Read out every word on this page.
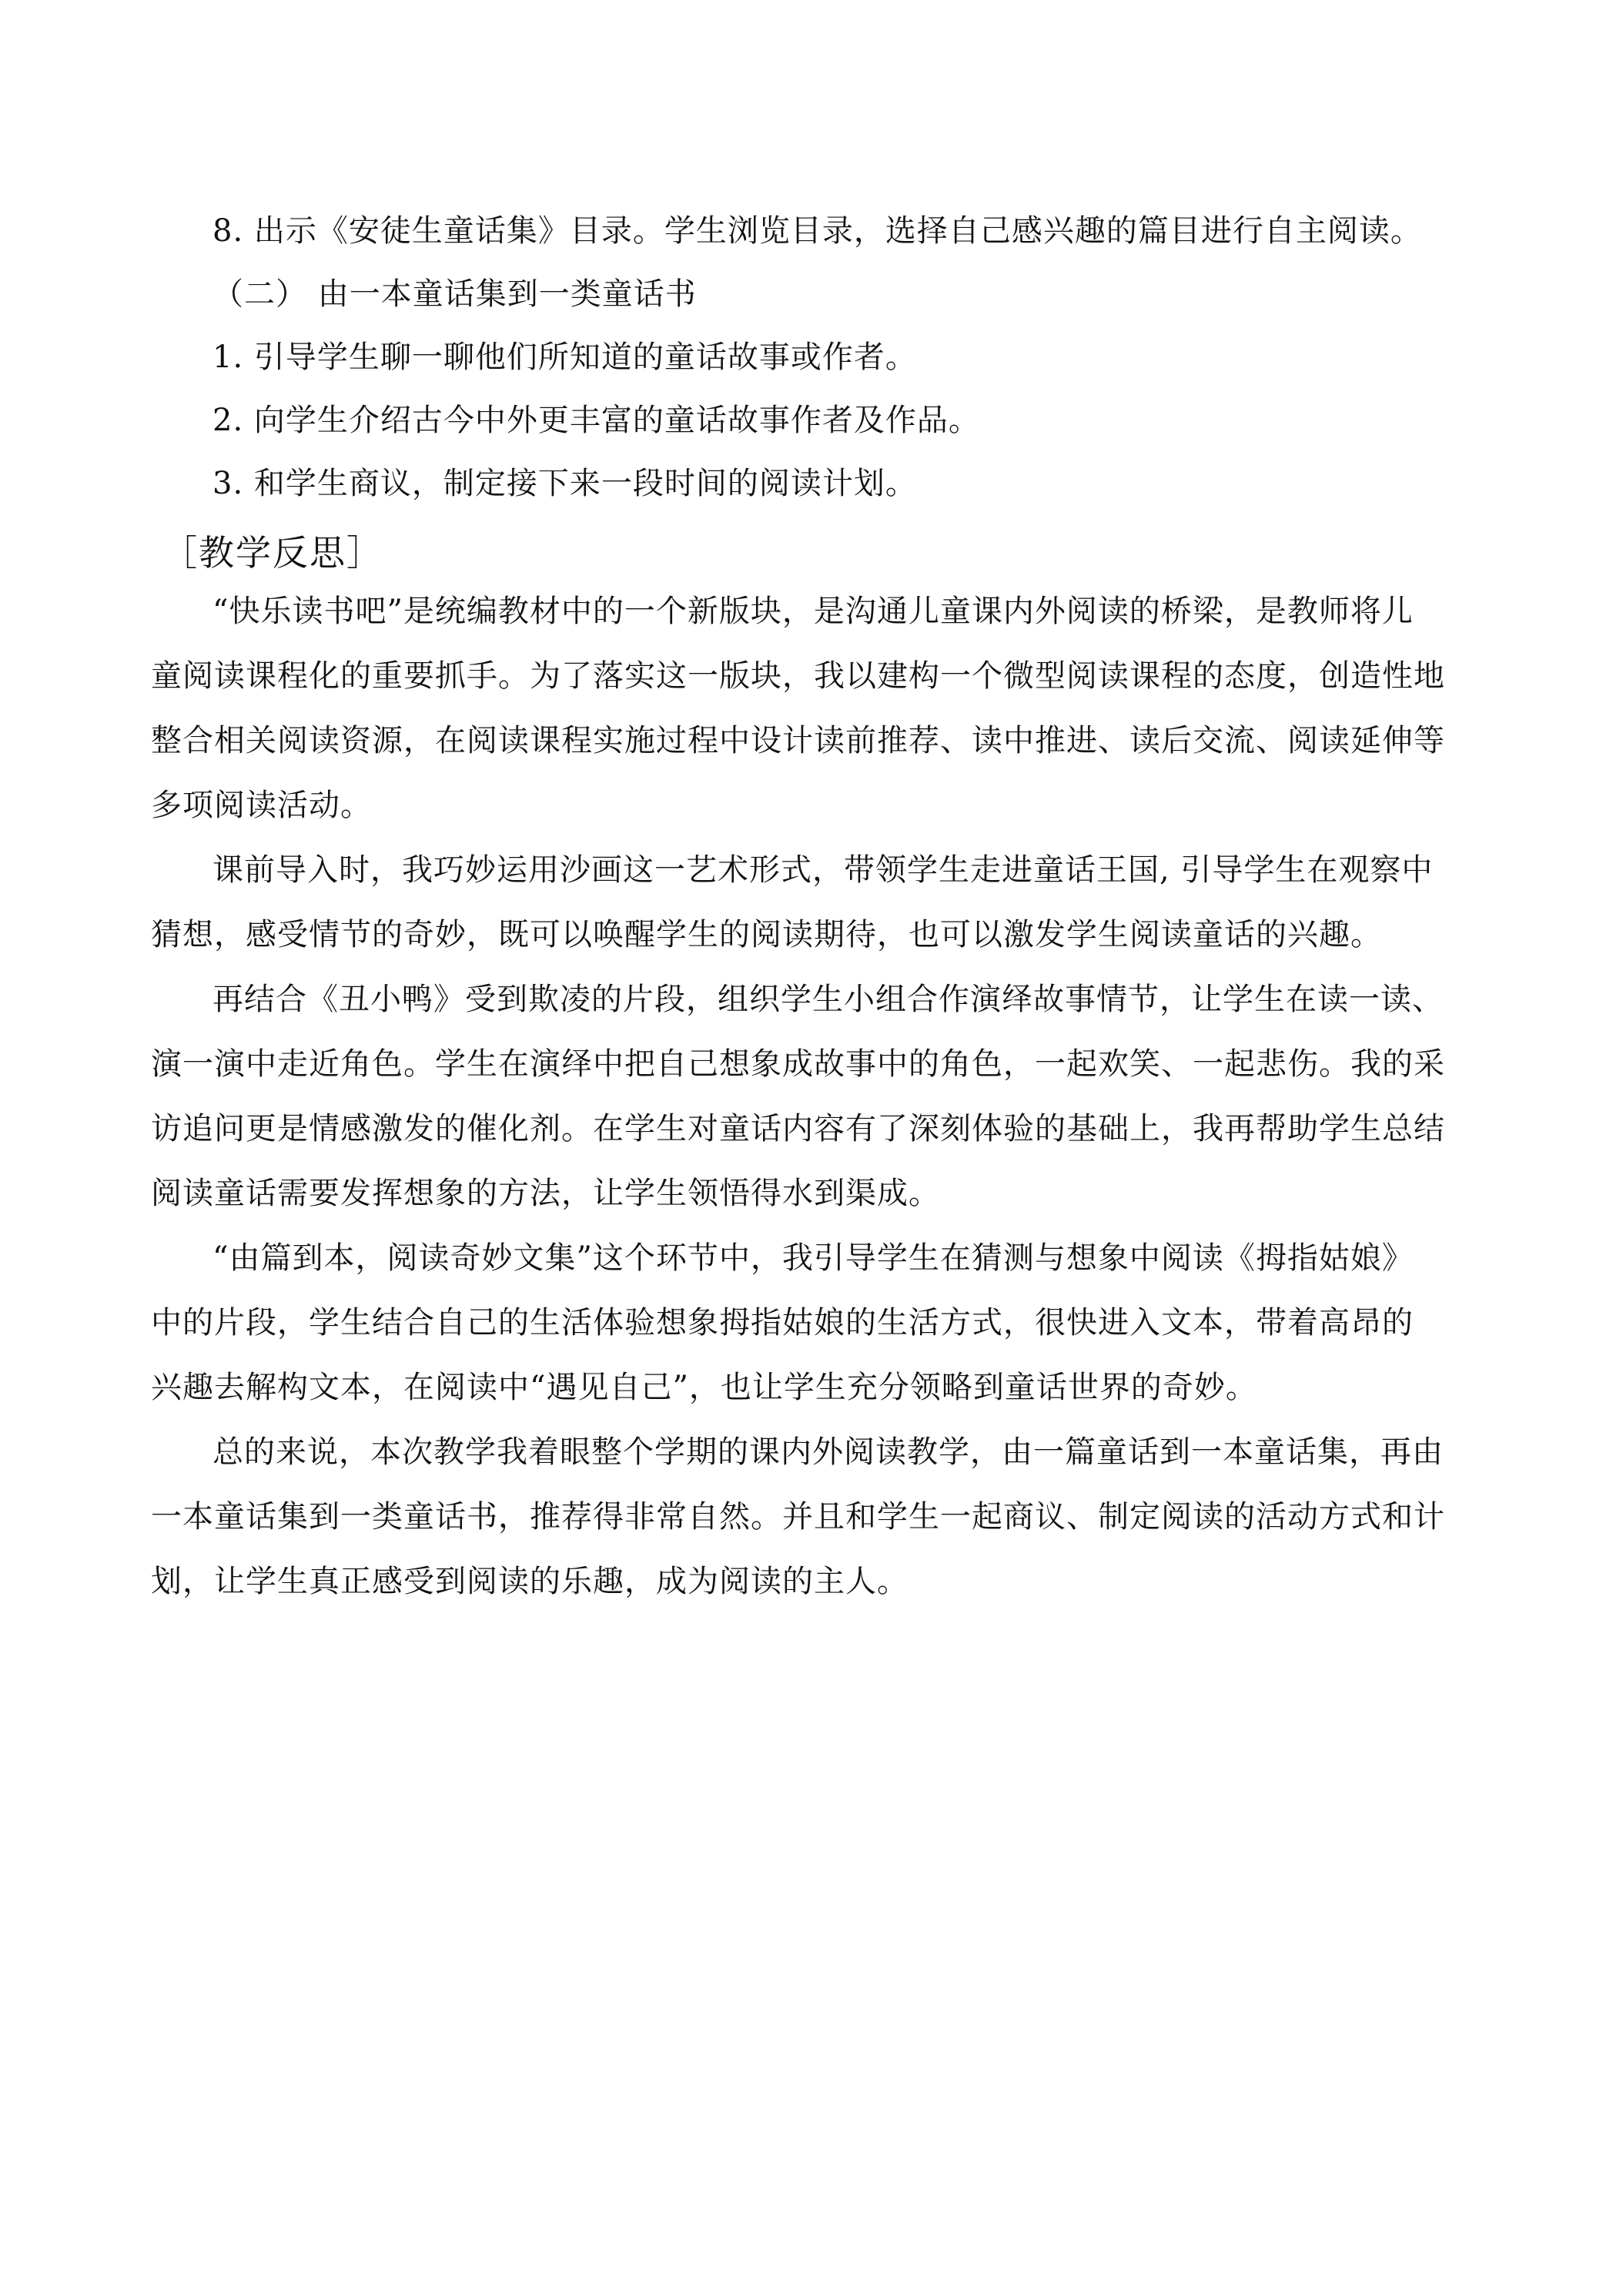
8. 出示《安徒生童话集》目录。学生浏览目录，选择自己感兴趣的篇目进行自主阅读。
（二） 由一本童话集到一类童话书
1. 引导学生聊一聊他们所知道的童话故事或作者。
2. 向学生介绍古今中外更丰富的童话故事作者及作品。
3. 和学生商议，制定接下来一段时间的阅读计划。
［教学反思］
“快乐读书吧”是统编教材中的一个新版块，是沟通儿童课内外阅读的桥梁，是教师将儿
童阅读课程化的重要抓手。为了落实这一版块，我以建构一个微型阅读课程的态度，创造性地
整合相关阅读资源，在阅读课程实施过程中设计读前推荐、读中推进、读后交流、阅读延伸等
多项阅读活动。
课前导入时，我巧妙运用沙画这一艺术形式，带领学生走进童话王国, 引导学生在观察中
猜想，感受情节的奇妙，既可以唤醒学生的阅读期待，也可以激发学生阅读童话的兴趣。
再结合《丑小鸭》受到欺凌的片段，组织学生小组合作演绎故事情节，让学生在读一读、
演一演中走近角色。学生在演绎中把自己想象成故事中的角色，一起欢笑、一起悲伤。我的采
访追问更是情感激发的催化剂。在学生对童话内容有了深刻体验的基础上，我再帮助学生总结
阅读童话需要发挥想象的方法，让学生领悟得水到渠成。
“由篇到本，阅读奇妙文集”这个环节中，我引导学生在猜测与想象中阅读《拇指姑娘》
中的片段，学生结合自己的生活体验想象拇指姑娘的生活方式，很快进入文本，带着高昂的
兴趣去解构文本，在阅读中“遇见自己”，也让学生充分领略到童话世界的奇妙。
总的来说，本次教学我着眼整个学期的课内外阅读教学，由一篇童话到一本童话集，再由
一本童话集到一类童话书，推荐得非常自然。并且和学生一起商议、制定阅读的活动方式和计
划，让学生真正感受到阅读的乐趣，成为阅读的主人。
